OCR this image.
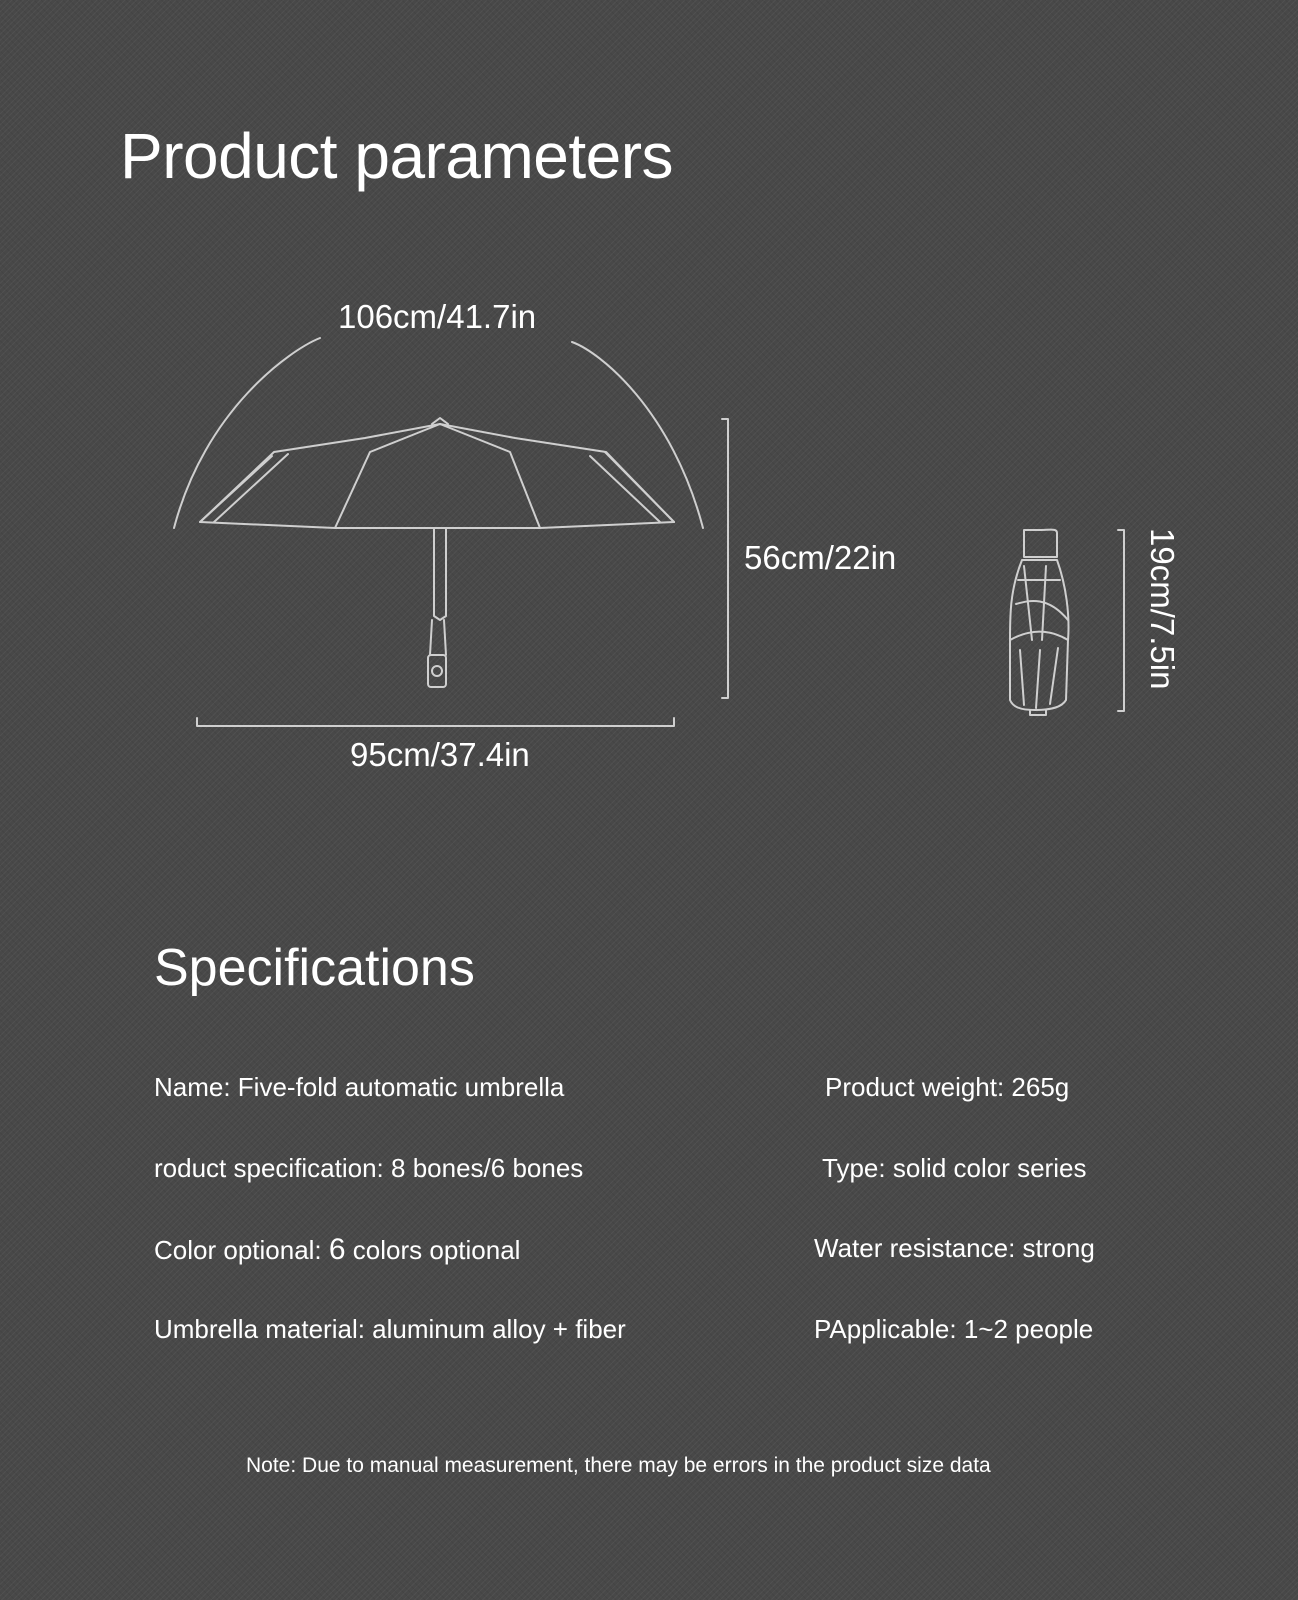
Product parameters
106cm/41.7in
56cm/22in
95cm/37.4in
19cm/7.5in
Specifications
Name: Five-fold automatic umbrella
roduct specification: 8 bones/6 bones
Color optional: 6 colors optional
Umbrella material: aluminum alloy + fiber
Product weight: 265g
Type: solid color series
Water resistance: strong
PApplicable: 1~2 people
Note: Due to manual measurement, there may be errors in the product size data
